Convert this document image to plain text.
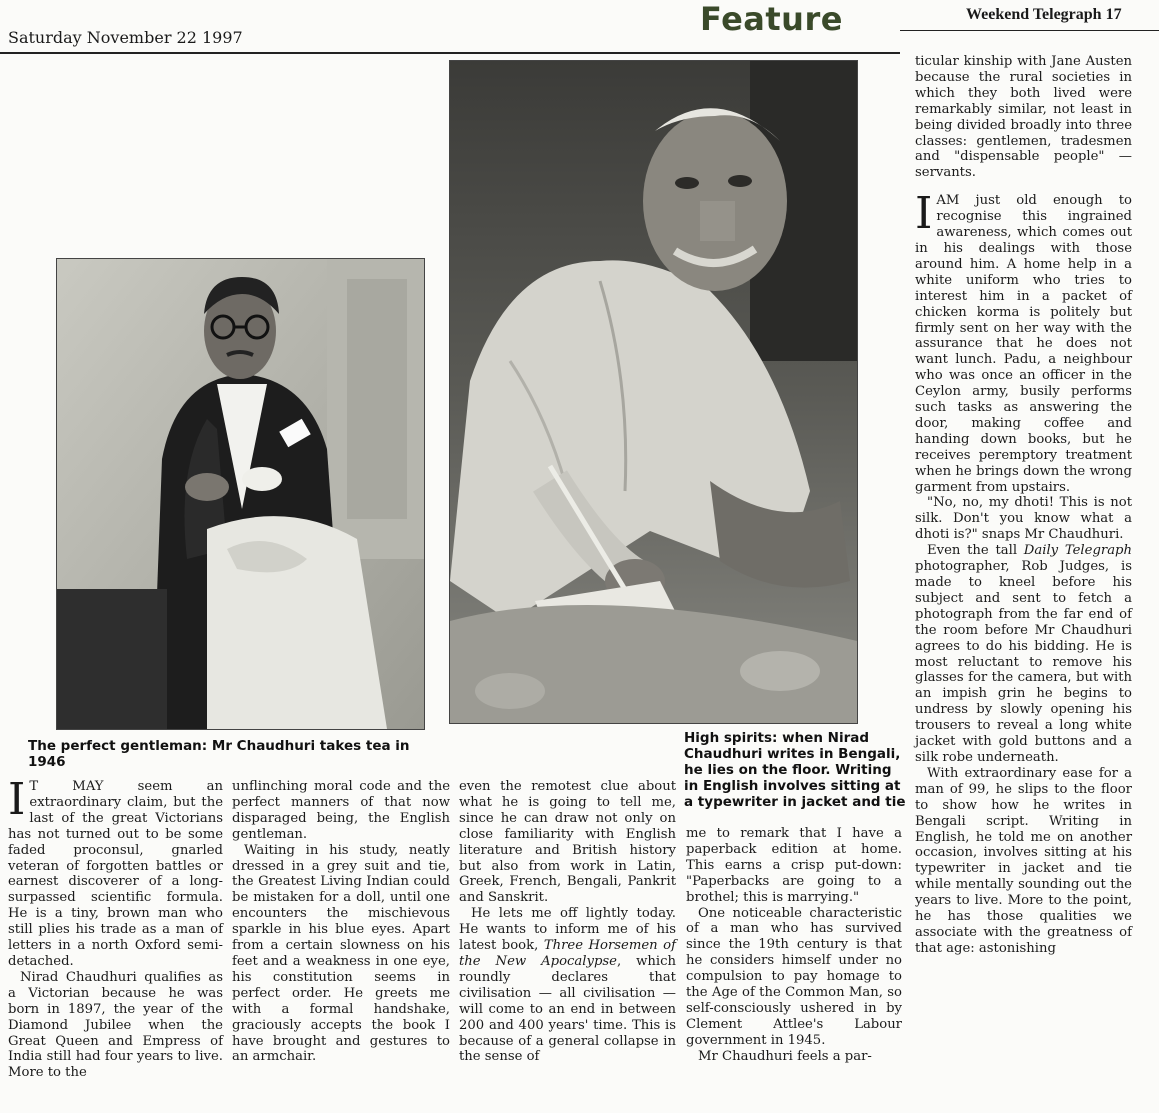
Saturday November 22 1997	Feature	Weekend Telegraph 17
The perfect gentleman: Mr Chaudhuri takes tea in 1946
High spirits: when Nirad Chaudhuri writes in Bengali, he lies on the floor. Writing in English involves sitting at a typewriter in jacket and tie

I T MAY seem an extraordinary claim, but the last of the great Victorians has not turned out to be some faded proconsul, gnarled veteran of forgotten battles or earnest discoverer of a long-surpassed scientific formula. He is a tiny, brown man who still plies his trade as a man of letters in a north Oxford semi-detached.

Nirad Chaudhuri qualifies as a Victorian because he was born in 1897, the year of the Diamond Jubilee when the Great Queen and Empress of India still had four years to live. More to the

unflinching moral code and the perfect manners of that now disparaged being, the English gentleman.

Waiting in his study, neatly dressed in a grey suit and tie, the Greatest Living Indian could be mistaken for a doll, until one encounters the mischievous sparkle in his blue eyes. Apart from a certain slowness on his feet and a weakness in one eye, his constitution seems in perfect order. He greets me with a formal handshake, graciously accepts the book I have brought and gestures to an armchair.

even the remotest clue about what he is going to tell me, since he can draw not only on close familiarity with English literature and British history but also from work in Latin, Greek, French, Bengali, Pankrit and Sanskrit.

He lets me off lightly today. He wants to inform me of his latest book, Three Horsemen of the New Apocalypse, which roundly declares that civilisation — all civilisation — will come to an end in between 200 and 400 years' time. This is because of a general collapse in the sense of

me to remark that I have a paperback edition at home. This earns a crisp put-down: "Paperbacks are going to a brothel; this is marrying."

One noticeable characteristic of a man who has survived since the 19th century is that he considers himself under no compulsion to pay homage to the Age of the Common Man, so self-consciously ushered in by Clement Attlee's Labour government in 1945.

Mr Chaudhuri feels a par-

ticular kinship with Jane Austen because the rural societies in which they both lived were remarkably similar, not least in being divided broadly into three classes: gentlemen, tradesmen and "dispensable people" — servants.

IAM just old enough to recognise this ingrained awareness, which comes out in his dealings with those around him. A home help in a white uniform who tries to interest him in a packet of chicken korma is politely but firmly sent on her way with the assurance that he does not want lunch. Padu, a neighbour who was once an officer in the Ceylon army, busily performs such tasks as answering the door, making coffee and handing down books, but he receives peremptory treatment when he brings down the wrong garment from upstairs.

"No, no, my dhoti! This is not silk. Don't you know what a dhoti is?" snaps Mr Chaudhuri.

Even the tall Daily Telegraph photographer, Rob Judges, is made to kneel before his subject and sent to fetch a photograph from the far end of the room before Mr Chaudhuri agrees to do his bidding. He is most reluctant to remove his glasses for the camera, but with an impish grin he begins to undress by slowly opening his trousers to reveal a long white jacket with gold buttons and a silk robe underneath.

With extraordinary ease for a man of 99, he slips to the floor to show how he writes in Bengali script. Writing in English, he told me on another occasion, involves sitting at his typewriter in jacket and tie while mentally sounding out the years to live. More to the point, he has those qualities we associate with the greatness of that age: astonishing
